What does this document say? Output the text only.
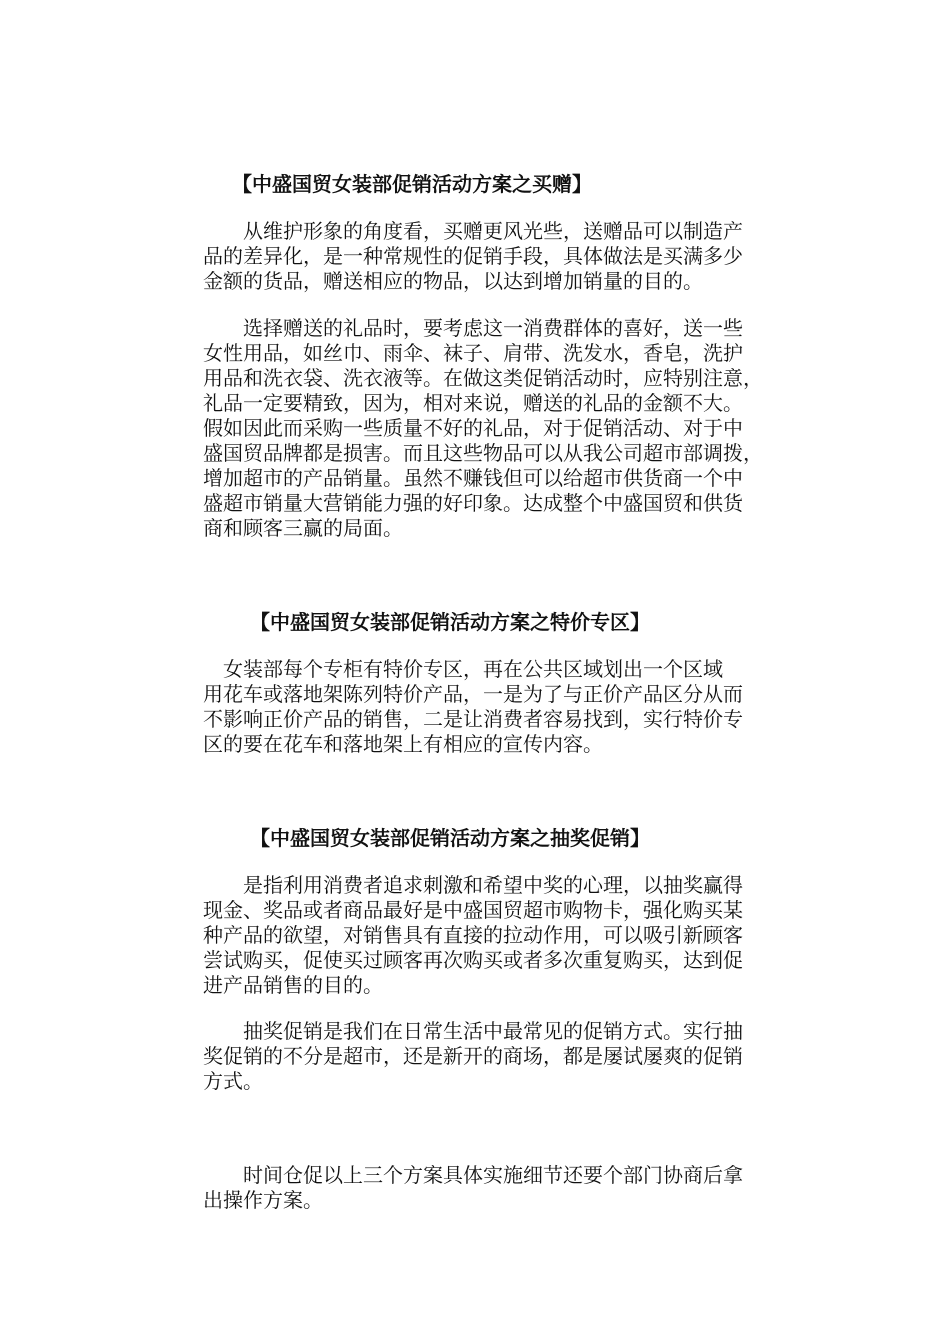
【中盛国贸女装部促销活动方案之买赠】

　　从维护形象的角度看，买赠更风光些，送赠品可以制造产
品的差异化，是一种常规性的促销手段，具体做法是买满多少
金额的货品，赠送相应的物品，以达到增加销量的目的。

　　选择赠送的礼品时，要考虑这一消费群体的喜好，送一些
女性用品，如丝巾、雨伞、袜子、肩带、洗发水，香皂，洗护
用品和洗衣袋、洗衣液等。在做这类促销活动时，应特别注意，
礼品一定要精致，因为，相对来说，赠送的礼品的金额不大。
假如因此而采购一些质量不好的礼品，对于促销活动、对于中
盛国贸品牌都是损害。而且这些物品可以从我公司超市部调拨，
增加超市的产品销量。虽然不赚钱但可以给超市供货商一个中
盛超市销量大营销能力强的好印象。达成整个中盛国贸和供货
商和顾客三赢的局面。

【中盛国贸女装部促销活动方案之特价专区】

　女装部每个专柜有特价专区，再在公共区域划出一个区域
用花车或落地架陈列特价产品，一是为了与正价产品区分从而
不影响正价产品的销售，二是让消费者容易找到，实行特价专
区的要在花车和落地架上有相应的宣传内容。

【中盛国贸女装部促销活动方案之抽奖促销】

　　是指利用消费者追求刺激和希望中奖的心理，以抽奖赢得
现金、奖品或者商品最好是中盛国贸超市购物卡，强化购买某
种产品的欲望，对销售具有直接的拉动作用，可以吸引新顾客
尝试购买，促使买过顾客再次购买或者多次重复购买，达到促
进产品销售的目的。

　　抽奖促销是我们在日常生活中最常见的促销方式。实行抽
奖促销的不分是超市，还是新开的商场，都是屡试屡爽的促销
方式。

　　时间仓促以上三个方案具体实施细节还要个部门协商后拿
出操作方案。
